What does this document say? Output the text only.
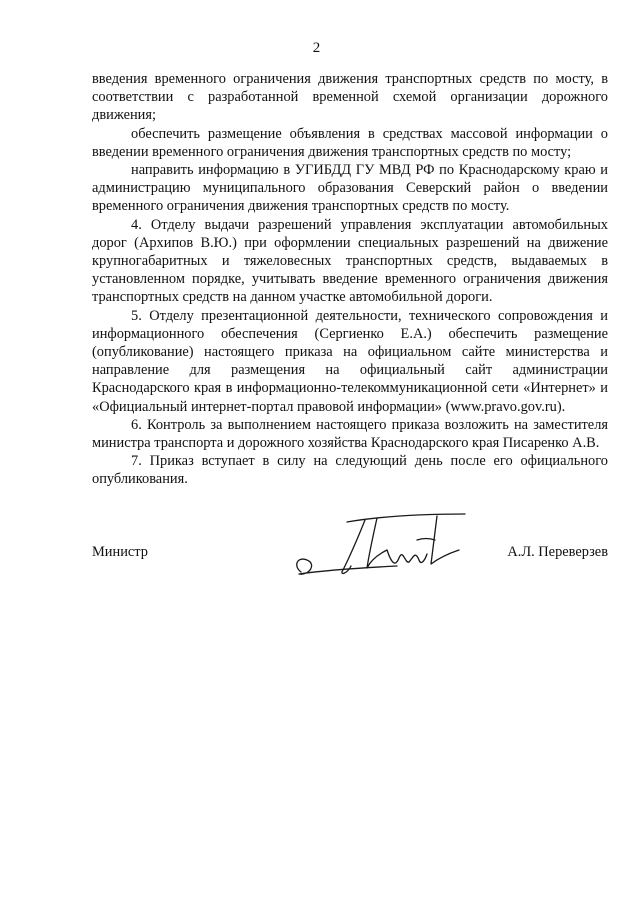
2

введения временного ограничения движения транспортных средств по мосту, в соответствии с разработанной временной схемой организации дорожного движения;

обеспечить размещение объявления в средствах массовой информации о введении временного ограничения движения транспортных средств по мосту;

направить информацию в УГИБДД ГУ МВД РФ по Краснодарскому краю и администрацию муниципального образования Северский район о введении временного ограничения движения транспортных средств по мосту.

4. Отделу выдачи разрешений управления эксплуатации автомобильных дорог (Архипов В.Ю.) при оформлении специальных разрешений на движение крупногабаритных и тяжеловесных транспортных средств, выдаваемых в установленном порядке, учитывать введение временного ограничения движения транспортных средств на данном участке автомобильной дороги.

5. Отделу презентационной деятельности, технического сопровождения и информационного обеспечения (Сергиенко Е.А.) обеспечить размещение (опубликование) настоящего приказа на официальном сайте министерства и направление для размещения на официальный сайт администрации Краснодарского края в информационно-телекоммуникационной сети «Интернет» и «Официальный интернет-портал правовой информации» (www.pravo.gov.ru).

6. Контроль за выполнением настоящего приказа возложить на заместителя министра транспорта и дорожного хозяйства Краснодарского края Писаренко А.В.

7. Приказ вступает в силу на следующий день после его официального опубликования.

Министр	А.Л. Переверзев
